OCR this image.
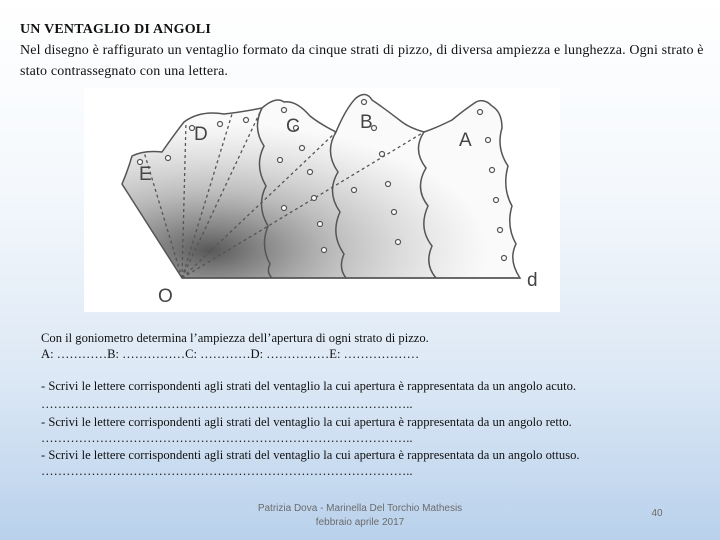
UN VENTAGLIO DI ANGOLI
Nel disegno è raffigurato un ventaglio formato da cinque strati di pizzo, di diversa ampiezza e lunghezza. Ogni strato è stato contrassegnato con una lettera.
A
B
C
D
E
O
d
Con il goniometro determina l’ampiezza dell’apertura di ogni strato di pizzo.
A: …………B: ……………C: …………D: ……………E: ………………
- Scrivi le lettere corrispondenti agli strati del ventaglio la cui apertura è rappresentata da un angolo acuto.
……………………………………………………………………………..
- Scrivi le lettere corrispondenti agli strati del ventaglio la cui apertura è rappresentata da un angolo retto.
……………………………………………………………………………..
- Scrivi le lettere corrispondenti agli strati del ventaglio la cui apertura è rappresentata da un angolo ottuso.
……………………………………………………………………………..
Patrizia Dova - Marinella Del Torchio Mathesis
febbraio aprile 2017
40
